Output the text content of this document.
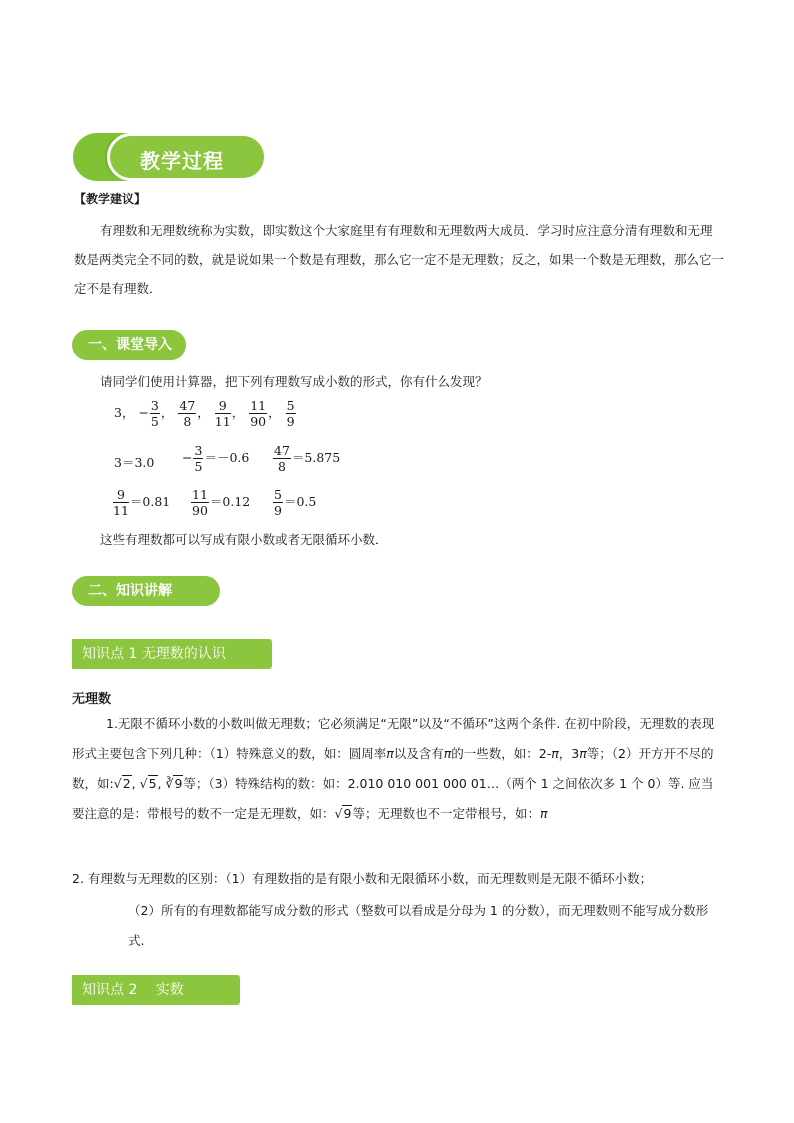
教学过程
【教学建议】
有理数和无理数统称为实数，即实数这个大家庭里有有理数和无理数两大成员．学习时应注意分清有理数和无理数是两类完全不同的数，就是说如果一个数是有理数，那么它一定不是无理数；反之，如果一个数是无理数，那么它一定不是有理数．
一、课堂导入
请同学们使用计算器，把下列有理数写成小数的形式，你有什么发现？
3， − $\frac{3}{5}$ ， $\frac{47}{8}$ ， $\frac{9}{11}$ ， $\frac{11}{90}$ ， $\frac{5}{9}$
$3=3.0 - \frac{3}{5} =-0.6 \frac{47}{8} =5.875$
$\frac{9}{11} =0.81 \frac{11}{90} =0.12 \frac{5}{9} =0.5$
这些有理数都可以写成有限小数或者无限循环小数．
二、知识讲解
知识点 1 无理数的认识
无理数
1.无限不循环小数的小数叫做无理数；它必须满足“无限”以及“不循环”这两个条件. 在初中阶段，无理数的表现形式主要包含下列几种：（1）特殊意义的数，如：圆周率π以及含有π的一些数，如：2-π，3π等；（2）开方开不尽的数，如:√2, √5, ∛9等；（3）特殊结构的数：如：2.010 010 001 000 01…（两个 1 之间依次多 1 个 0）等. 应当要注意的是：带根号的数不一定是无理数，如：√9等；无理数也不一定带根号，如：π
2. 有理数与无理数的区别：（1）有理数指的是有限小数和无限循环小数，而无理数则是无限不循环小数；
（2）所有的有理数都能写成分数的形式（整数可以看成是分母为 1 的分数），而无理数则不能写成分数形式.
知识点 2 　实数
